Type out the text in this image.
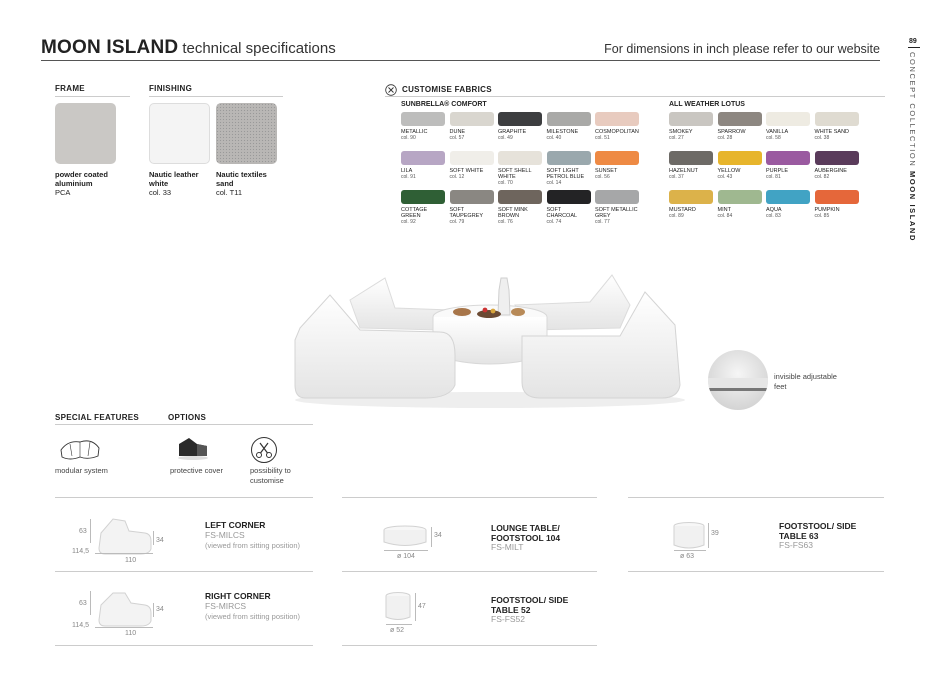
MOON ISLAND technical specifications	For dimensions in inch please refer to our website
89
CONCEPT COLLECTION MOON ISLAND
FRAME
powder coated aluminium
PCA
FINISHING
Nautic leather white
col. 33
Nautic textiles sand
col. T11
CUSTOMISE FABRICS
SUNBRELLA® COMFORT	ALL WEATHER LOTUS
METALLIC
col. 90
DUNE
col. 57
GRAPHITE
col. 49
MILESTONE
col. 40
COSMOPOLITAN
col. 51
LILA
col. 91
SOFT WHITE
col. 12
SOFT SHELL WHITE
col. 70
SOFT LIGHT PETROL BLUE
col. 14
SUNSET
col. 56
COTTAGE GREEN
col. 92
SOFT TAUPEGREY
col. 79
SOFT MINK BROWN
col. 76
SOFT CHARCOAL
col. 74
SOFT METALLIC GREY
col. 77
SMOKEY
col. 27
SPARROW
col. 28
VANILLA
col. 58
WHITE SAND
col. 38
HAZELNUT
col. 37
YELLOW
col. 43
PURPLE
col. 81
AUBERGINE
col. 82
MUSTARD
col. 89
MINT
col. 84
AQUA
col. 83
PUMPKIN
col. 85
invisible adjustable feet
SPECIAL FEATURES
modular system
OPTIONS
protective cover	possibility to customise
63
34
114,5
110
LEFT CORNER
FS-MILCS
(viewed from sitting position)
63
34
114,5
110
RIGHT CORNER
FS-MIRCS
(viewed from sitting position)
34
ø 104
LOUNGE TABLE/ FOOTSTOOL 104
FS-MILT
47
ø 52
FOOTSTOOL/ SIDE TABLE 52
FS-FS52
39
ø 63
FOOTSTOOL/ SIDE TABLE 63
FS-FS63
